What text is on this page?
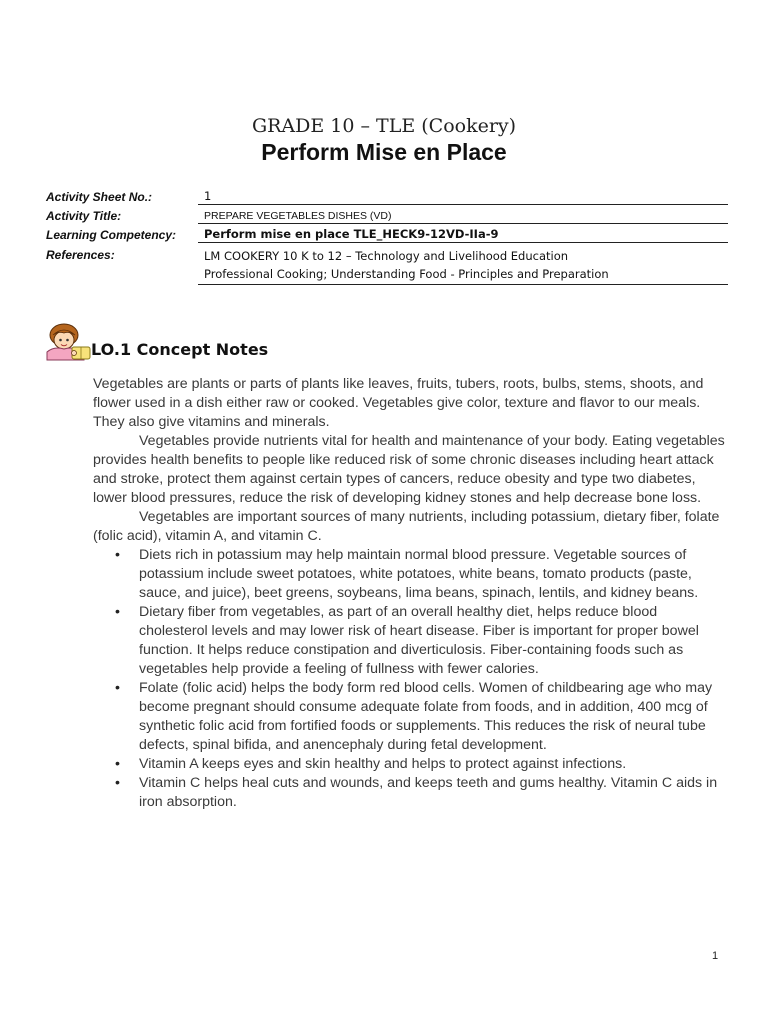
GRADE 10 – TLE (Cookery)
Perform Mise en Place
Activity Sheet No.:	1
Activity Title:	PREPARE VEGETABLES DISHES (VD)
Learning Competency:	Perform mise en place TLE_HECK9-12VD-IIa-9
References:	LM COOKERY 10 K to 12 – Technology and Livelihood Education
Professional Cooking; Understanding Food - Principles and Preparation
LO.1 Concept Notes

Vegetables are plants or parts of plants like leaves, fruits, tubers, roots, bulbs, stems, shoots, and flower used in a dish either raw or cooked. Vegetables give color, texture and flavor to our meals. They also give vitamins and minerals.

Vegetables provide nutrients vital for health and maintenance of your body. Eating vegetables provides health benefits to people like reduced risk of some chronic diseases including heart attack and stroke, protect them against certain types of cancers, reduce obesity and type two diabetes, lower blood pressures, reduce the risk of developing kidney stones and help decrease bone loss.

Vegetables are important sources of many nutrients, including potassium, dietary fiber, folate (folic acid), vitamin A, and vitamin C.

• Diets rich in potassium may help maintain normal blood pressure. Vegetable sources of potassium include sweet potatoes, white potatoes, white beans, tomato products (paste, sauce, and juice), beet greens, soybeans, lima beans, spinach, lentils, and kidney beans.
• Dietary fiber from vegetables, as part of an overall healthy diet, helps reduce blood cholesterol levels and may lower risk of heart disease. Fiber is important for proper bowel function. It helps reduce constipation and diverticulosis. Fiber-containing foods such as vegetables help provide a feeling of fullness with fewer calories.
• Folate (folic acid) helps the body form red blood cells. Women of childbearing age who may become pregnant should consume adequate folate from foods, and in addition, 400 mcg of synthetic folic acid from fortified foods or supplements. This reduces the risk of neural tube defects, spinal bifida, and anencephaly during fetal development.
• Vitamin A keeps eyes and skin healthy and helps to protect against infections.
• Vitamin C helps heal cuts and wounds, and keeps teeth and gums healthy. Vitamin C aids in iron absorption.
1
